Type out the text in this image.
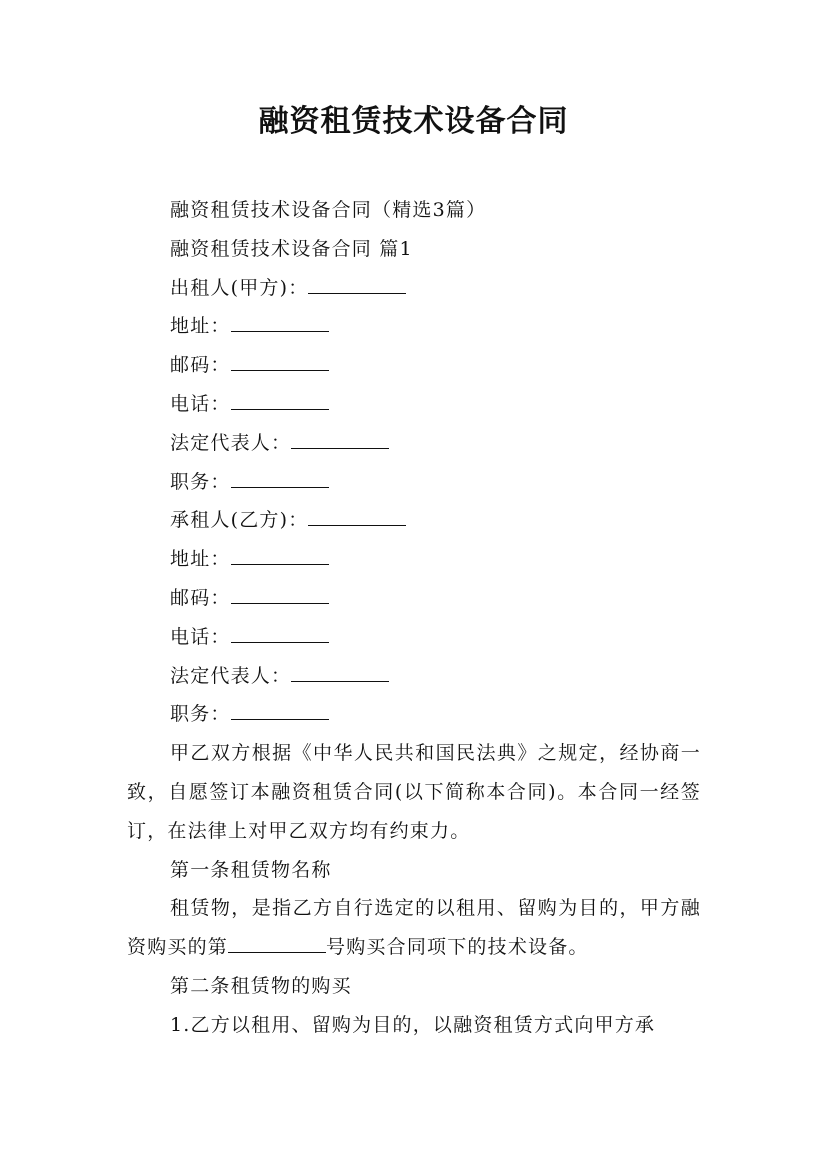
融资租赁技术设备合同

融资租赁技术设备合同（精选3篇）

融资租赁技术设备合同 篇1

出租人(甲方)：

地址：

邮码：

电话：

法定代表人：

职务：

承租人(乙方)：

地址：

邮码：

电话：

法定代表人：

职务：

甲乙双方根据《中华人民共和国民法典》之规定，经协商一致，自愿签订本融资租赁合同(以下简称本合同)。本合同一经签订，在法律上对甲乙双方均有约束力。

第一条租赁物名称

租赁物，是指乙方自行选定的以租用、留购为目的，甲方融资购买的第	号购买合同项下的技术设备。

第二条租赁物的购买

1.乙方以租用、留购为目的，以融资租赁方式向甲方承
